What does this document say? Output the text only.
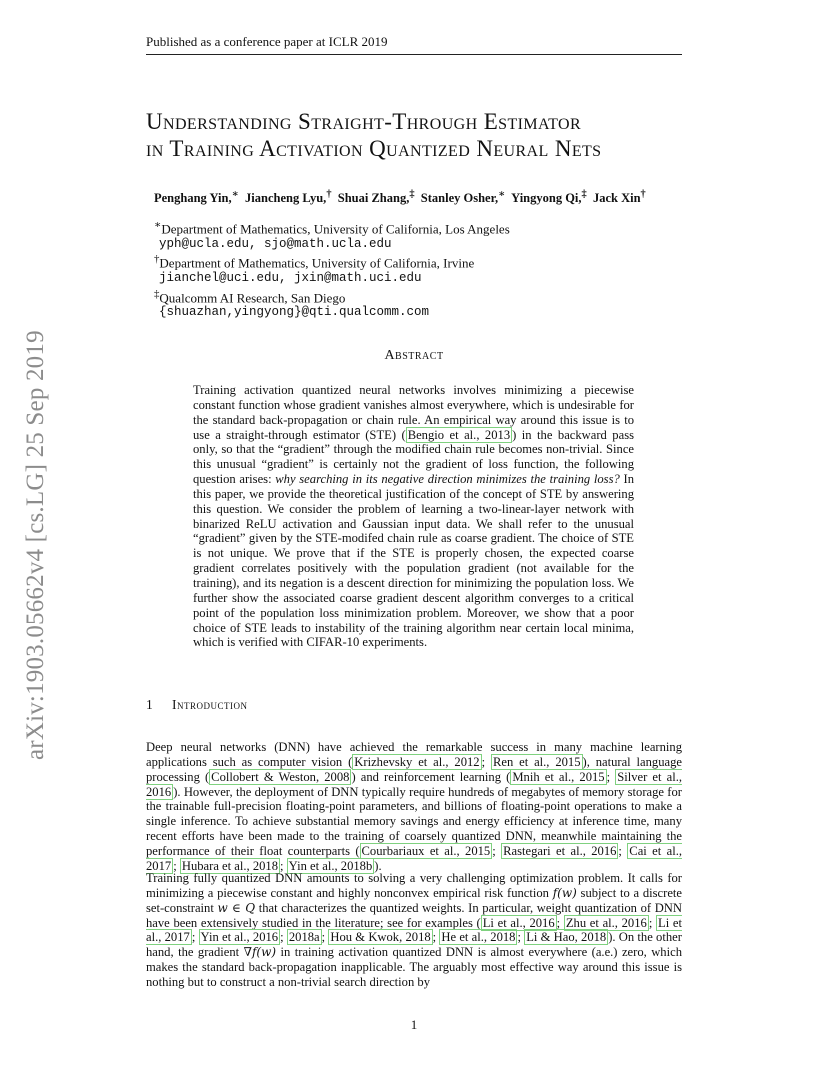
Published as a conference paper at ICLR 2019
arXiv:1903.05662v4 [cs.LG] 25 Sep 2019
Understanding Straight-Through Estimator
in Training Activation Quantized Neural Nets
Penghang Yin,∗ Jiancheng Lyu,† Shuai Zhang,‡ Stanley Osher,∗ Yingyong Qi,‡ Jack Xin†
∗Department of Mathematics, University of California, Los Angeles
yph@ucla.edu, sjo@math.ucla.edu
†Department of Mathematics, University of California, Irvine
jianchel@uci.edu, jxin@math.uci.edu
‡Qualcomm AI Research, San Diego
{shuazhan,yingyong}@qti.qualcomm.com
Abstract
Training activation quantized neural networks involves minimizing a piecewise constant function whose gradient vanishes almost everywhere, which is undesirable for the standard back-propagation or chain rule. An empirical way around this issue is to use a straight-through estimator (STE) ( Bengio et al., 2013 ) in the backward pass only, so that the “gradient” through the modified chain rule becomes non-trivial. Since this unusual “gradient” is certainly not the gradient of loss function, the following question arises: why searching in its negative direction minimizes the training loss? In this paper, we provide the theoretical justification of the concept of STE by answering this question. We consider the problem of learning a two-linear-layer network with binarized ReLU activation and Gaussian input data. We shall refer to the unusual “gradient” given by the STE-modifed chain rule as coarse gradient. The choice of STE is not unique. We prove that if the STE is properly chosen, the expected coarse gradient correlates positively with the population gradient (not available for the training), and its negation is a descent direction for minimizing the population loss. We further show the associated coarse gradient descent algorithm converges to a critical point of the population loss minimization problem. Moreover, we show that a poor choice of STE leads to instability of the training algorithm near certain local minima, which is verified with CIFAR-10 experiments.
1 Introduction
Deep neural networks (DNN) have achieved the remarkable success in many machine learning applications such as computer vision ( Krizhevsky et al., 2012 ; Ren et al., 2015 ), natural language processing ( Collobert & Weston, 2008 ) and reinforcement learning ( Mnih et al., 2015 ; Silver et al., 2016 ). However, the deployment of DNN typically require hundreds of megabytes of memory storage for the trainable full-precision floating-point parameters, and billions of floating-point operations to make a single inference. To achieve substantial memory savings and energy efficiency at inference time, many recent efforts have been made to the training of coarsely quantized DNN, meanwhile maintaining the performance of their float counterparts ( Courbariaux et al., 2015 ; Rastegari et al., 2016 ; Cai et al., 2017 ; Hubara et al., 2018 ; Yin et al., 2018b ).
Training fully quantized DNN amounts to solving a very challenging optimization problem. It calls for minimizing a piecewise constant and highly nonconvex empirical risk function f(w) subject to a discrete set-constraint w ∈ Q that characterizes the quantized weights. In particular, weight quantization of DNN have been extensively studied in the literature; see for examples ( Li et al., 2016 ; Zhu et al., 2016 ; Li et al., 2017 ; Yin et al., 2016 ; 2018a ; Hou & Kwok, 2018 ; He et al., 2018 ; Li & Hao, 2018 ). On the other hand, the gradient ∇f(w) in training activation quantized DNN is almost everywhere (a.e.) zero, which makes the standard back-propagation inapplicable. The arguably most effective way around this issue is nothing but to construct a non-trivial search direction by
1
